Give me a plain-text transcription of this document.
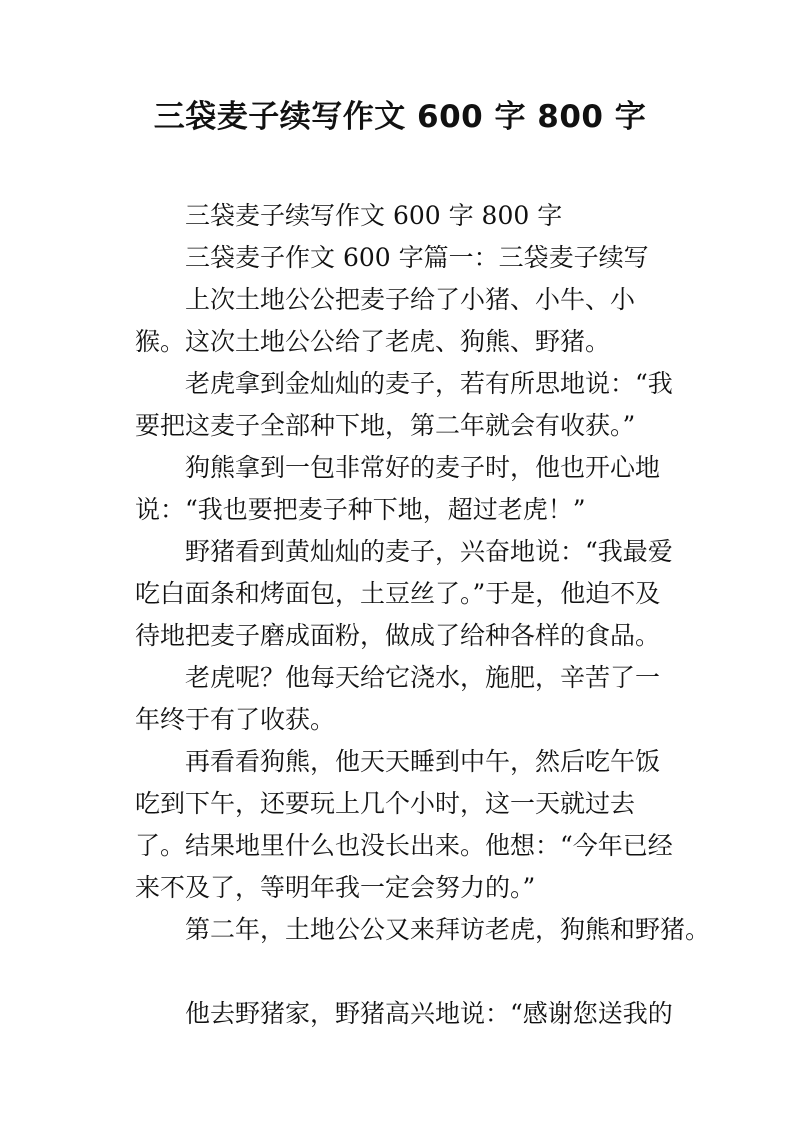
三袋麦子续写作文 600 字 800 字

三袋麦子续写作文 600 字 800 字

三袋麦子作文 600 字篇一：三袋麦子续写

上次土地公公把麦子给了小猪、小牛、小猴。这次土地公公给了老虎、狗熊、野猪。

老虎拿到金灿灿的麦子，若有所思地说：“我要把这麦子全部种下地，第二年就会有收获。”

狗熊拿到一包非常好的麦子时，他也开心地说：“我也要把麦子种下地，超过老虎！”

野猪看到黄灿灿的麦子，兴奋地说：“我最爱吃白面条和烤面包，土豆丝了。”于是，他迫不及待地把麦子磨成面粉，做成了给种各样的食品。

老虎呢？他每天给它浇水，施肥，辛苦了一年终于有了收获。

再看看狗熊，他天天睡到中午，然后吃午饭吃到下午，还要玩上几个小时，这一天就过去了。结果地里什么也没长出来。他想：“今年已经来不及了，等明年我一定会努力的。”

第二年，土地公公又来拜访老虎，狗熊和野猪。

他去野猪家，野猪高兴地说：“感谢您送我的
